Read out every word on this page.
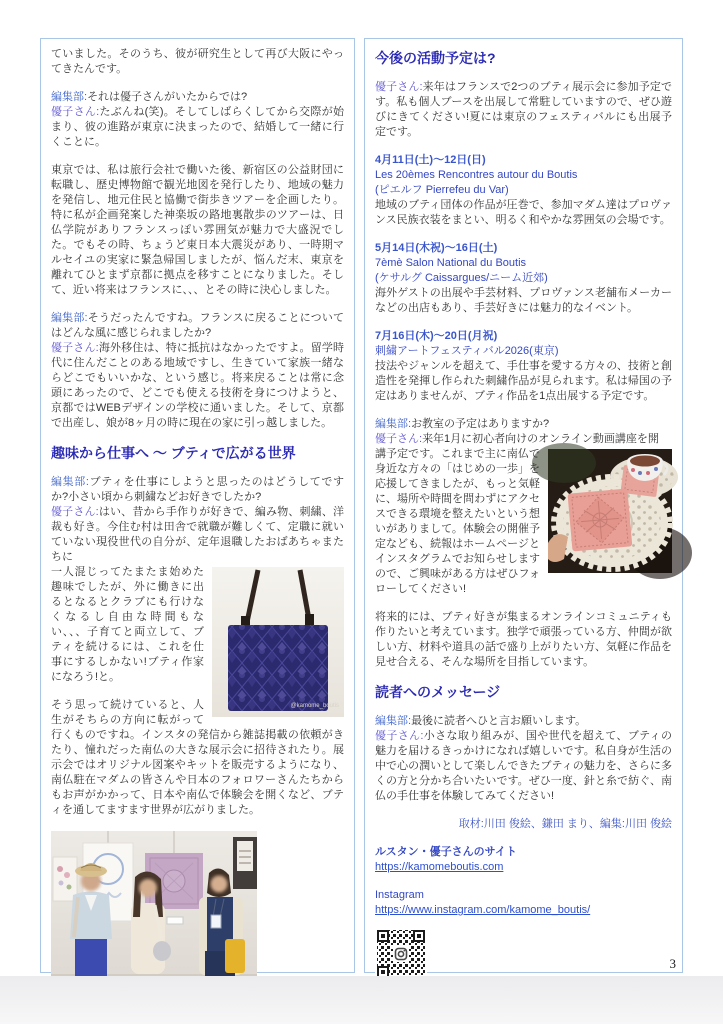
ていました。そのうち、彼が研究生として再び大阪にやってきたんです。

編集部:それは優子さんがいたからでは?

優子さん:たぶんね(笑)。そしてしばらくしてから交際が始まり、彼の進路が東京に決まったので、結婚して一緒に行くことに。

東京では、私は旅行会社で働いた後、新宿区の公益財団に転職し、歴史博物館で観光地図を発行したり、地域の魅力を発信し、地元住民と協働で街歩きツアーを企画したり。特に私が企画発案した神楽坂の路地裏散歩のツアーは、日仏学院がありフランスっぽい雰囲気が魅力で大盛況でした。でもその時、ちょうど東日本大震災があり、一時期マルセイユの実家に緊急帰国しましたが、悩んだ末、東京を離れてひとまず京都に拠点を移すことになりました。そして、近い将来はフランスに、、、とその時に決心しました。

編集部:そうだったんですね。フランスに戻ることについてはどんな風に感じられましたか?

優子さん:海外移住は、特に抵抗はなかったですよ。留学時代に住んだことのある地域ですし、生きていて家族一緒ならどこでもいいかな、という感じ。将来戻ることは常に念頭にあったので、どこでも使える技術を身につけようと、京都ではWEBデザインの学校に通いました。そして、京都で出産し、娘が8ヶ月の時に現在の家に引っ越しました。

趣味から仕事へ 〜 ブティで広がる世界

編集部:ブティを仕事にしようと思ったのはどうしてですか?小さい頃から刺繍などお好きでしたか?

優子さん:はい、昔から手作りが好きで、編み物、刺繍、洋裁も好き。今住む村は田舎で就職が難しくて、定職に就いていない現役世代の自分が、定年退職したおばあちゃまたちに

@kamome_boutis

一人混じってたまたま始めた趣味でしたが、外に働きに出るとなるとクラブにも行けなくなるし自由な時間もない、、、子育てと両立して、ブティを続けるには、これを仕事にするしかない!ブティ作家になろう!と。

そう思って続けていると、人生がそちらの方向に転がって行くものですね。インスタの発信から雑誌掲載の依頼がきたり、憧れだった南仏の大きな展示会に招待されたり。展示会ではオリジナル図案やキットを販売するようになり、南仏駐在マダムの皆さんや日本のフォロワーさんたちからもお声がかかって、日本や南仏で体験会を開くなど、ブティを通してますます世界が広がりました。

今後の活動予定は?

優子さん:来年はフランスで2つのブティ展示会に参加予定です。私も個人ブースを出展して常駐していますので、ぜひ遊びにきてください!夏には東京のフェスティバルにも出展予定です。

4月11日(土)〜12日(日)

Les 20èmes Rencontres autour du Boutis

(ピエルフ Pierrefeu du Var)

地域のブティ団体の作品が圧巻で、参加マダム達はプロヴァンス民族衣装をまとい、明るく和やかな雰囲気の会場です。

5月14日(木祝)〜16日(土)

7èmè Salon National du Boutis

(ケサルグ Caissargues/ニーム近郊)

海外ゲストの出展や手芸材料、プロヴァンス老舗布メーカーなどの出店もあり、手芸好きには魅力的なイベント。

7月16日(木)〜20日(月祝)

刺繍アートフェスティバル2026(東京)

技法やジャンルを超えて、手仕事を愛する方々の、技術と創造性を発揮し作られた刺繍作品が見られます。私は帰国の予定はありませんが、ブティ作品を1点出展する予定です。

編集部:お教室の予定はありますか?

優子さん:来年1月に初心者向けのオンライン動画講座を開

講予定です。これまで主に南仏で身近な方々の「はじめの一歩」を応援してきましたが、もっと気軽に、場所や時間を問わずにアクセスできる環境を整えたいという想いがありまして。体験会の開催予定なども、続報はホームページとインスタグラムでお知らせしますので、ご興味がある方はぜひフォローしてください!

将来的には、ブティ好きが集まるオンラインコミュニティも作りたいと考えています。独学で頑張っている方、仲間が欲しい方、材料や道具の話で盛り上がりたい方、気軽に作品を見せ合える、そんな場所を目指しています。

読者へのメッセージ

編集部:最後に読者へひと言お願いします。

優子さん:小さな取り組みが、国や世代を超えて、ブティの魅力を届けるきっかけになれば嬉しいです。私自身が生活の中で心の潤いとして楽しんできたブティの魅力を、さらに多くの方と分かち合いたいです。ぜひ一度、針と糸で紡ぐ、南仏の手仕事を体験してみてください!

取材:川田 俊絵、鎌田 まり、編集:川田 俊絵

ルスタン・優子さんのサイト

https://kamomeboutis.com

Instagram

https://www.instagram.com/kamome_boutis/

3
